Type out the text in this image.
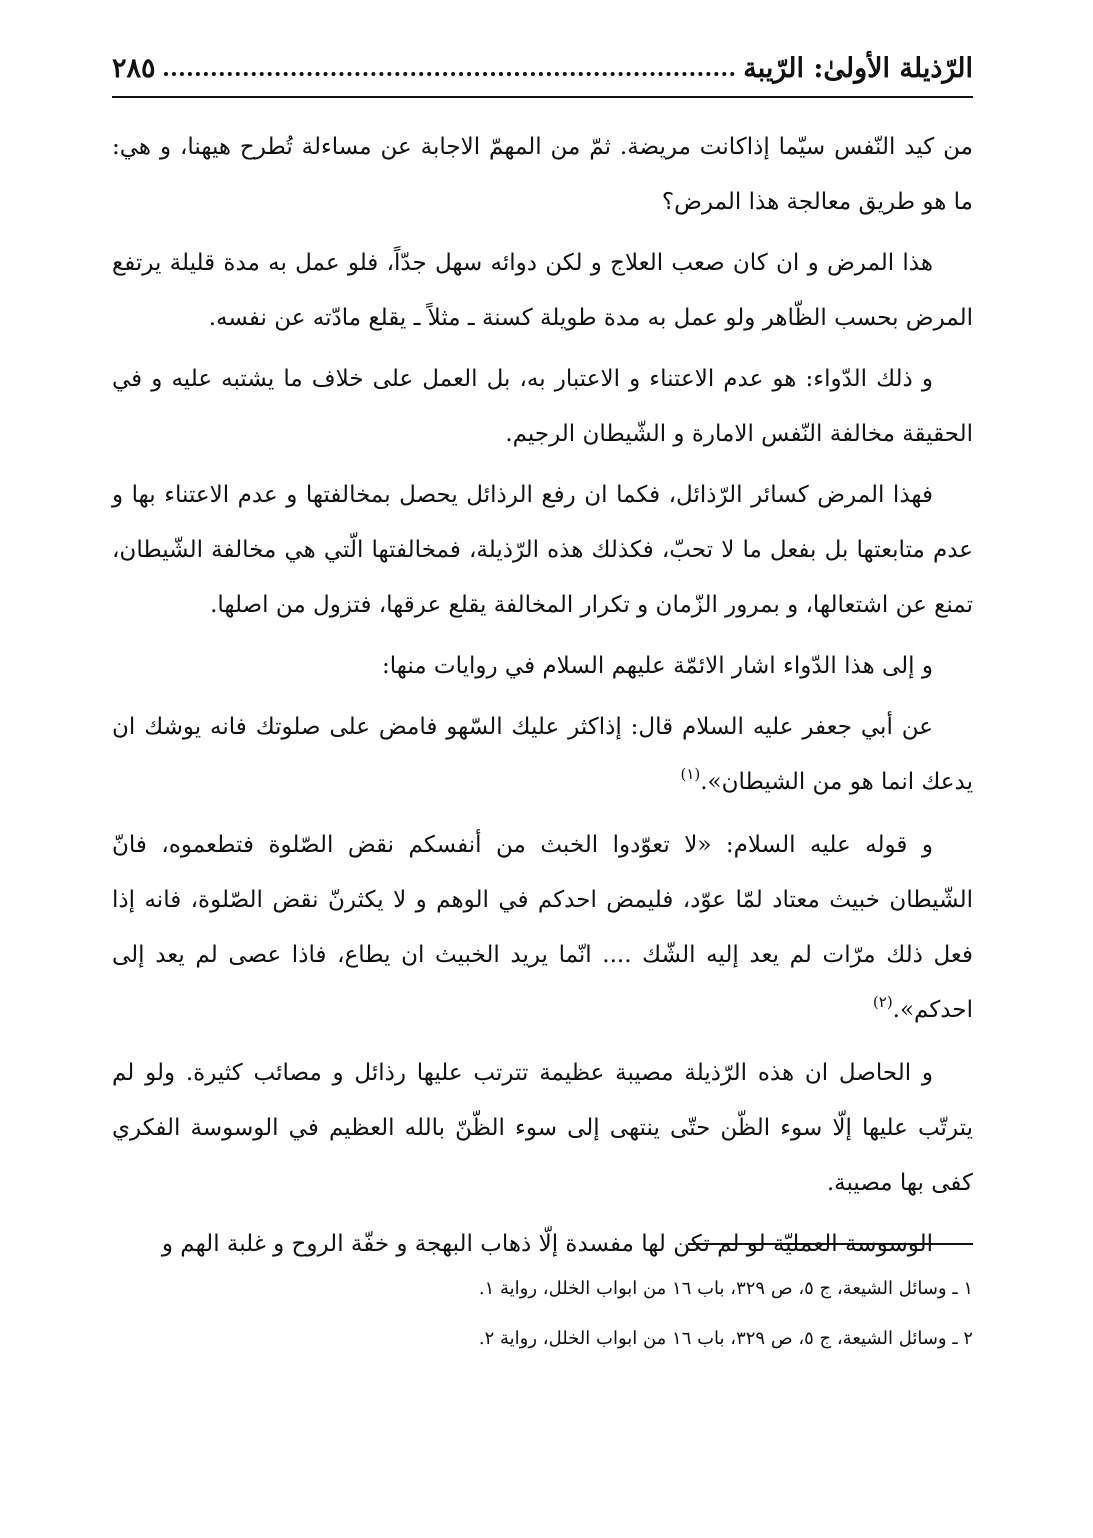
الرّذيلة الأولىٰ: الرّيبة
٢٨٥

من كيد النّفس سيّما إذاكانت مريضة. ثمّ من المهمّ الاجابة عن مساءلة تُطرح هيهنا، و هي: ما هو طريق معالجة هذا المرض؟

هذا المرض و ان كان صعب العلاج و لكن دوائه سهل جدّاً، فلو عمل به مدة قليلة يرتفع المرض بحسب الظّاهر ولو عمل به مدة طويلة كسنة ـ مثلاً ـ يقلع مادّته عن نفسه.

و ذلك الدّواء: هو عدم الاعتناء و الاعتبار به، بل العمل على خلاف ما يشتبه عليه و في الحقيقة مخالفة النّفس الامارة و الشّيطان الرجيم.

فهذا المرض كسائر الرّذائل، فكما ان رفع الرذائل يحصل بمخالفتها و عدم الاعتناء بها و عدم متابعتها بل بفعل ما لا تحبّ، فكذلك هذه الرّذيلة، فمخالفتها الّتي هي مخالفة الشّيطان، تمنع عن اشتعالها، و بمرور الزّمان و تكرار المخالفة يقلع عرقها، فتزول من اصلها.

و إلى هذا الدّواء اشار الائمّة عليهم السلام في روايات منها:

عن أبي جعفر عليه السلام قال: إذاكثر عليك السّهو فامض على صلوتك فانه يوشك ان يدعك انما هو من الشيطان».$^{(١)}$

و قوله عليه السلام: «لا تعوّدوا الخبث من أنفسكم نقض الصّلوة فتطعموه، فانّ الشّيطان خبيث معتاد لمّا عوّد، فليمض احدكم في الوهم و لا يكثرنّ نقض الصّلوة، فانه إذا فعل ذلك مرّات لم يعد إليه الشّك .... انّما يريد الخبيث ان يطاع، فاذا عصى لم يعد إلى احدكم».$^{(٢)}$

و الحاصل ان هذه الرّذيلة مصيبة عظيمة تترتب عليها رذائل و مصائب كثيرة. ولو لم يترتّب عليها إلّا سوء الظّن حتّى ينتهى إلى سوء الظّنّ بالله العظيم في الوسوسة الفكري كفى بها مصيبة.

الوسوسة العمليّة لو لم تكن لها مفسدة إلّا ذهاب البهجة و خفّة الروح و غلبة الهم و

١ ـ وسائل الشيعة، ج ٥، ص ٣٢٩، باب ١٦ من ابواب الخلل، رواية ١.

٢ ـ وسائل الشيعة، ج ٥، ص ٣٢٩، باب ١٦ من ابواب الخلل، رواية ٢.
